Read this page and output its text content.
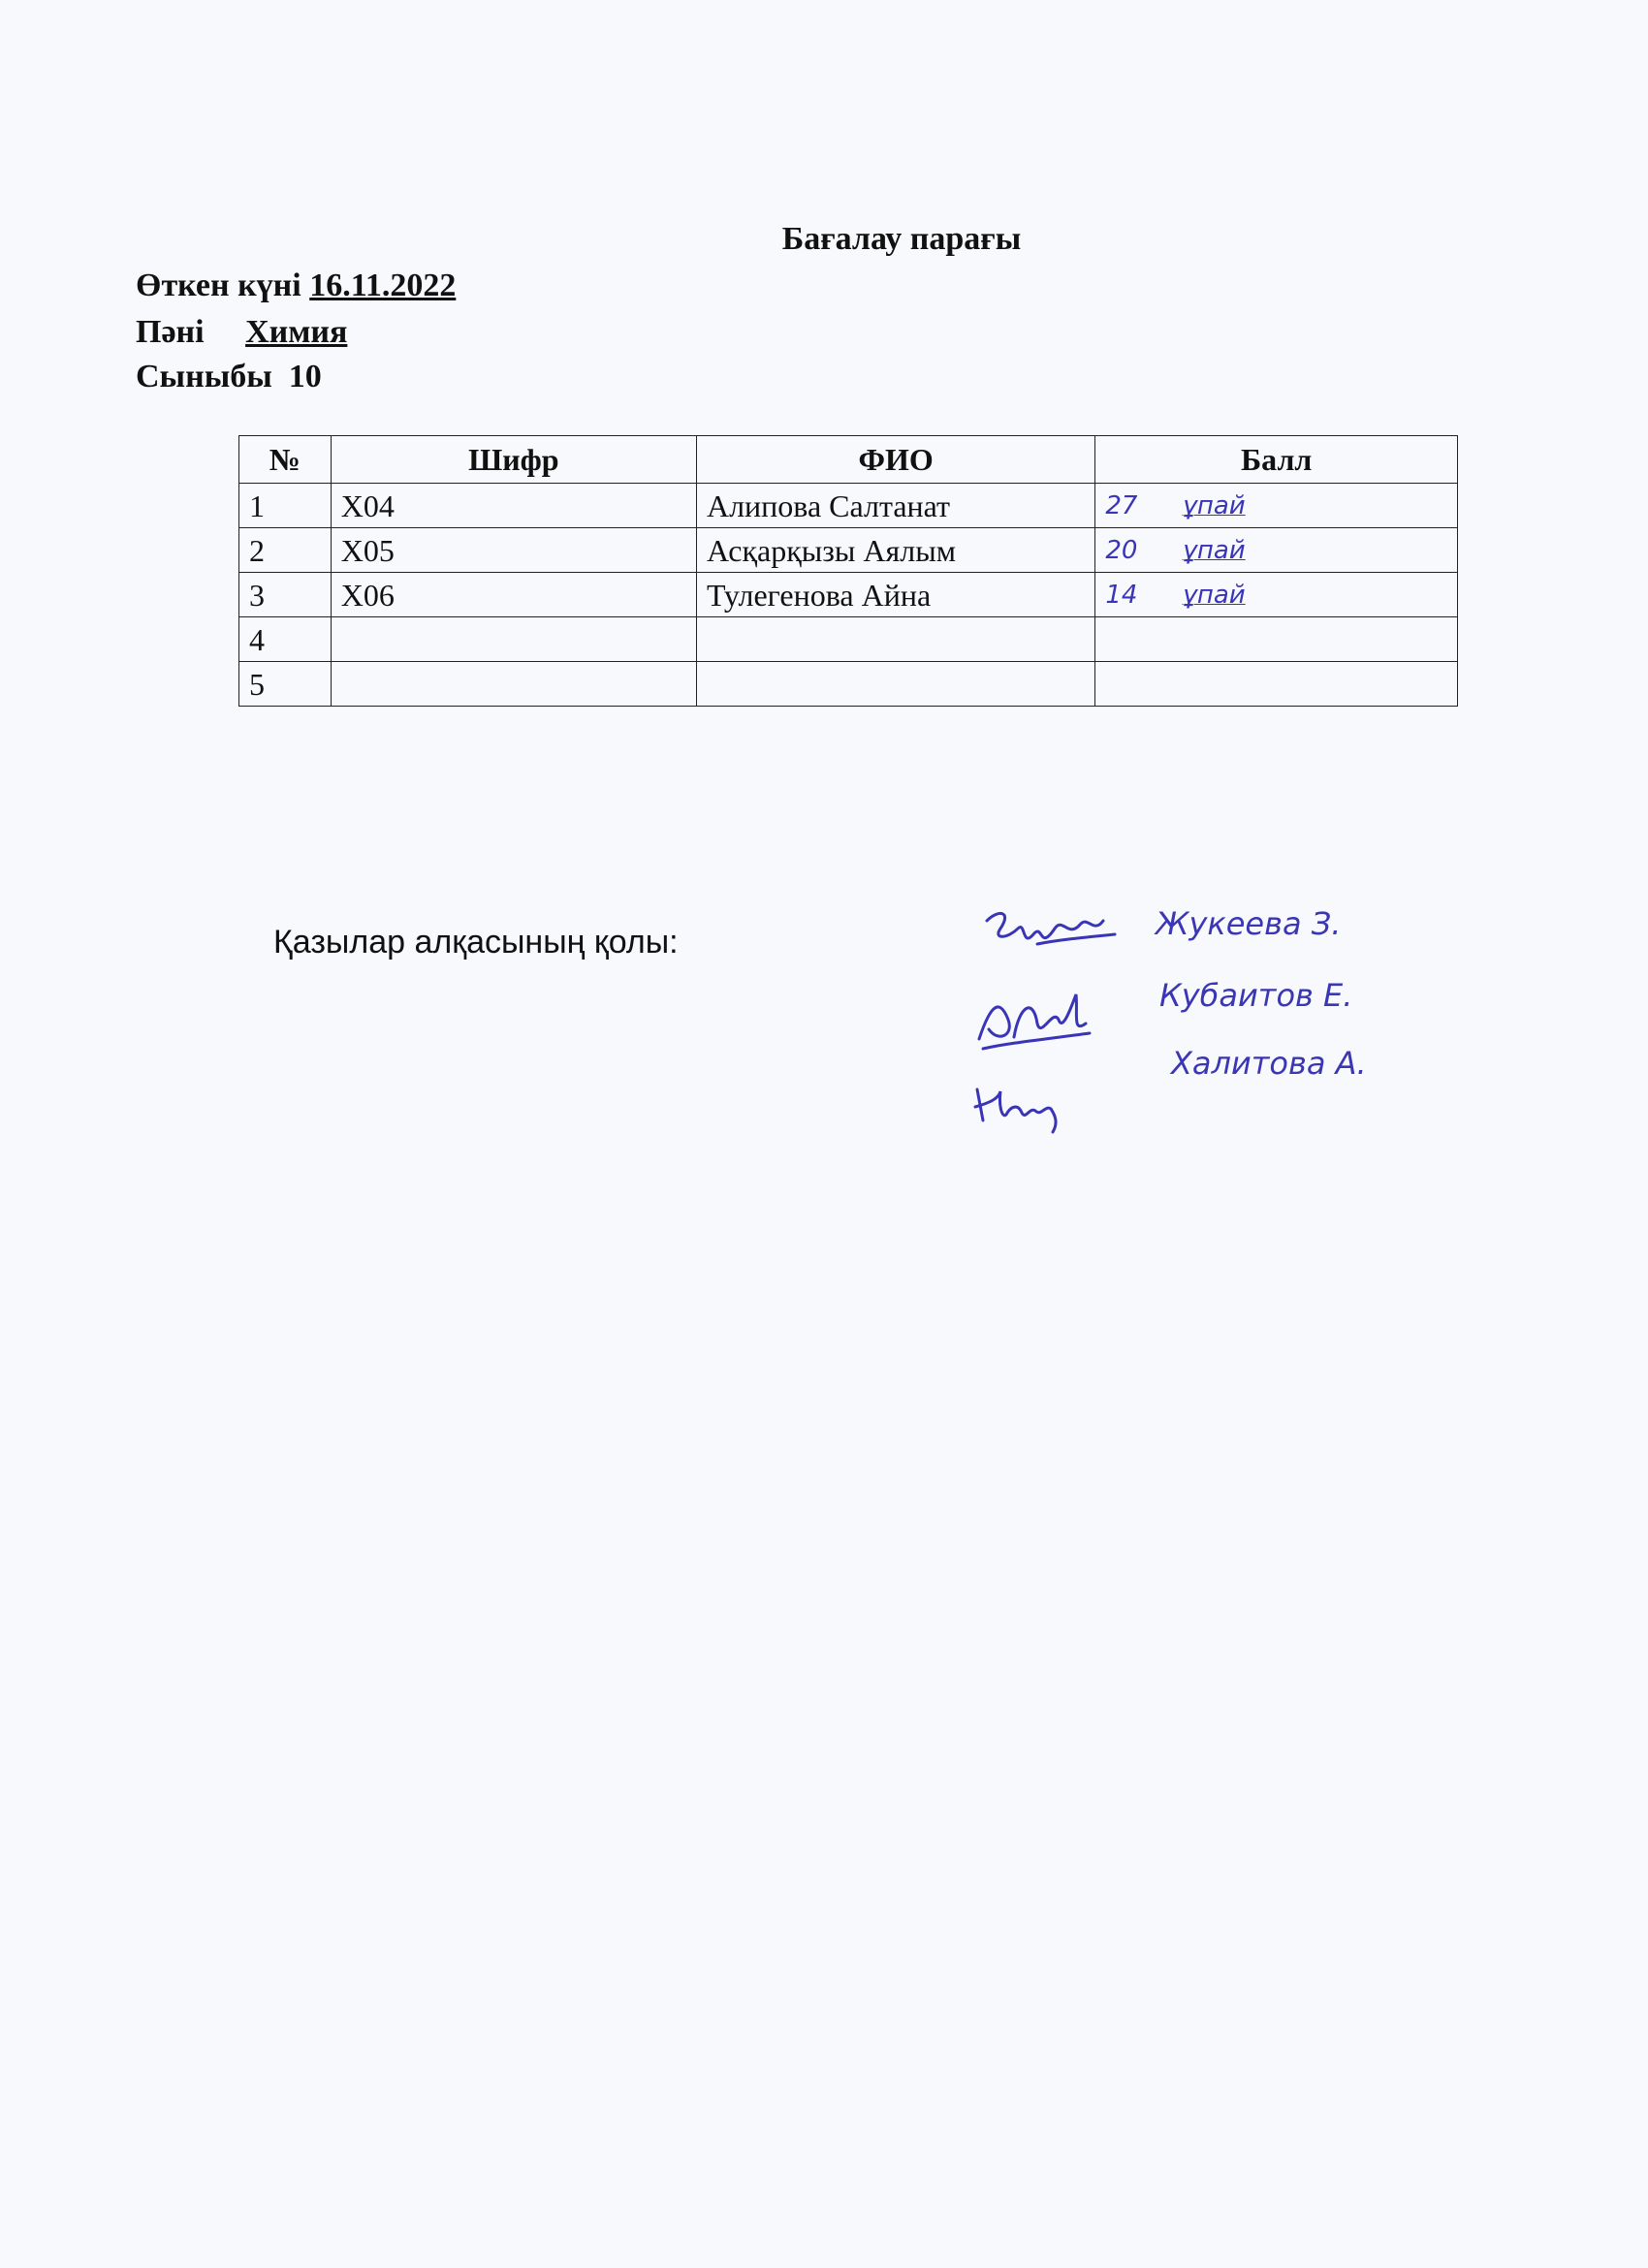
Бағалау парағы
Өткен күні 16.11.2022
Пәні     Химия
Сыныбы  10
№	Шифр	ФИО	Балл
1	X04	Алипова Салтанат	27 ұпай
2	X05	Асқарқызы Аялым	20 ұпай
3	X06	Тулегенова Айна	14 ұпай
4			
5			
Қазылар алқасының қолы:	Жукеева З.
Кубаитов Е.
Халитова А.
